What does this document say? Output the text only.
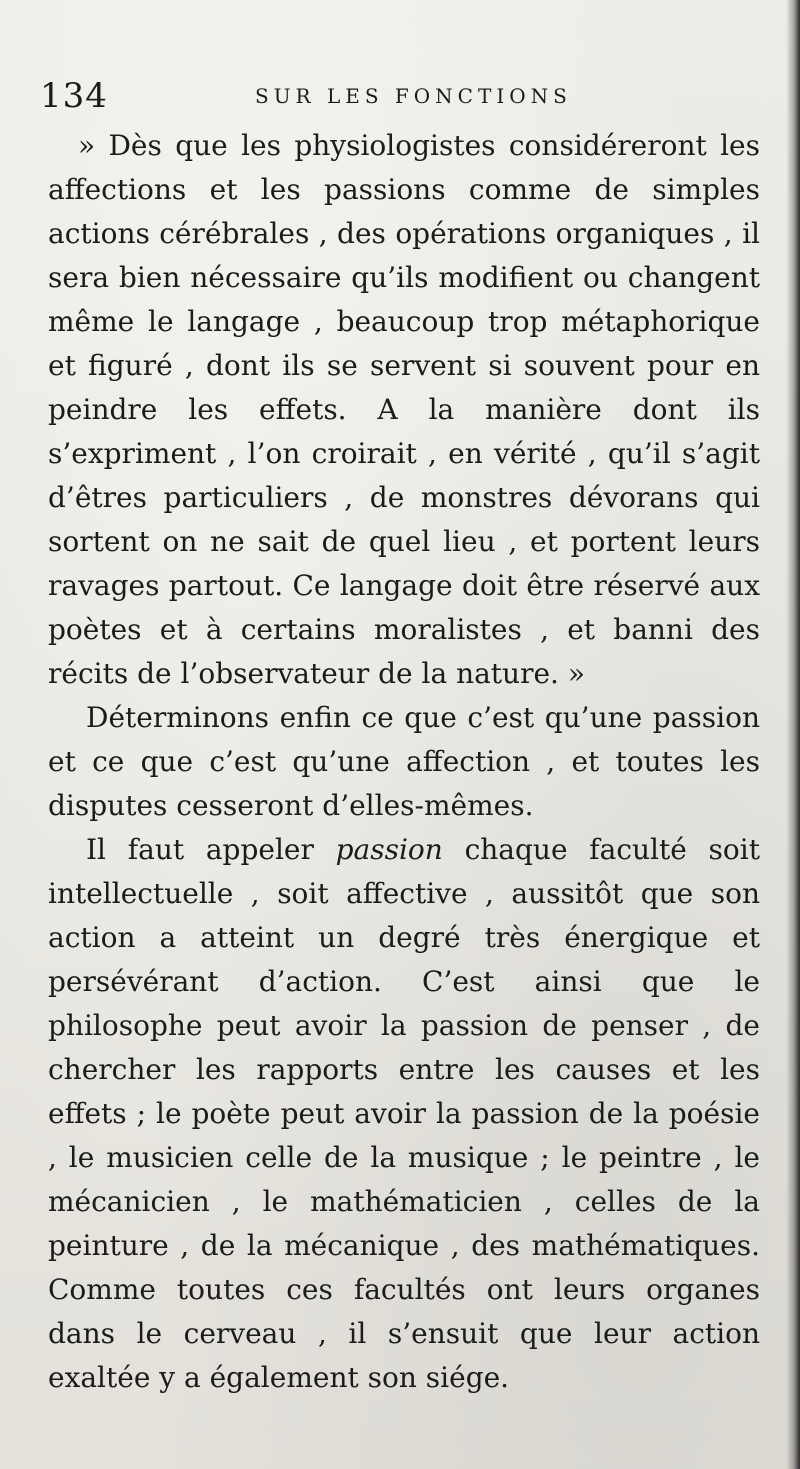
134	SUR LES FONCTIONS

» Dès que les physiologistes considéreront les affections et les passions comme de simples actions cérébrales , des opérations organiques , il sera bien nécessaire qu’ils modifient ou changent même le langage , beaucoup trop métaphorique et figuré , dont ils se servent si souvent pour en peindre les effets. A la manière dont ils s’expriment , l’on croirait , en vérité , qu’il s’agit d’êtres particuliers , de monstres dévorans qui sortent on ne sait de quel lieu , et portent leurs ravages partout. Ce langage doit être réservé aux poètes et à certains moralistes , et banni des récits de l’observateur de la nature. »

Déterminons enfin ce que c’est qu’une passion et ce que c’est qu’une affection , et toutes les disputes cesseront d’elles-mêmes.

Il faut appeler passion chaque faculté soit intellectuelle , soit affective , aussitôt que son action a atteint un degré très énergique et persévérant d’action. C’est ainsi que le philosophe peut avoir la passion de penser , de chercher les rapports entre les causes et les effets ; le poète peut avoir la passion de la poésie , le musicien celle de la musique ; le peintre , le mécanicien , le mathématicien , celles de la peinture , de la mécanique , des mathématiques. Comme toutes ces facultés ont leurs organes dans le cerveau , il s’ensuit que leur action exaltée y a également son siége.
